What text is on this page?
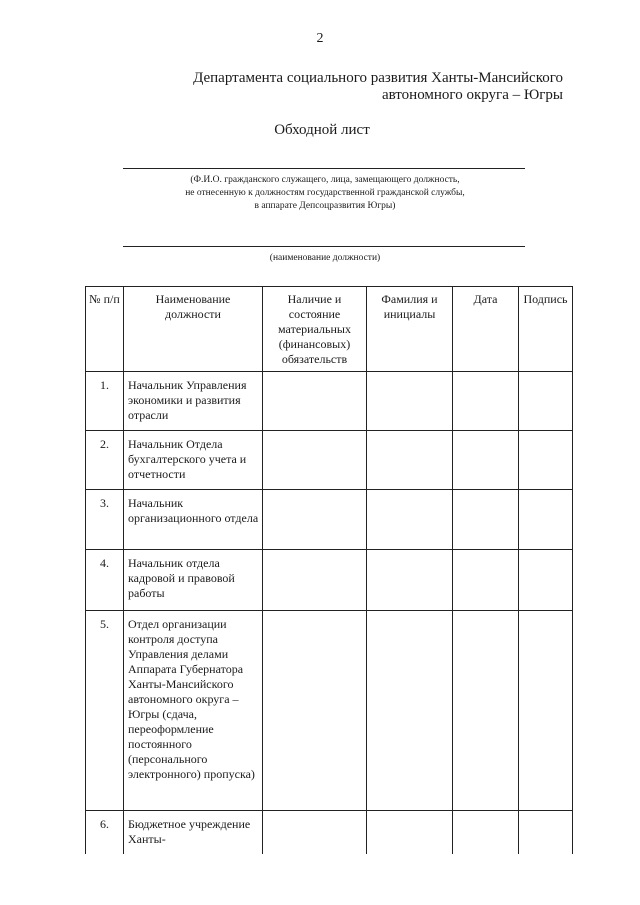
2
Департамента социального развития Ханты-Мансийского
автономного округа – Югры
Обходной лист
(Ф.И.О. гражданского служащего, лица, замещающего должность,
не отнесенную к должностям государственной гражданской службы,
в аппарате Депсоцразвития Югры)
(наименование должности)
№ п/п	Наименование должности	Наличие и состояние материальных (финансовых) обязательств	Фамилия и инициалы	Дата	Подпись
1.	Начальник Управления экономики и развития отрасли				
2.	Начальник Отдела бухгалтерского учета и отчетности				
3.	Начальник организационного отдела				
4.	Начальник отдела кадровой и правовой работы				
5.	Отдел организации контроля доступа Управления делами Аппарата Губернатора Ханты-Мансийского автономного округа – Югры (сдача, переоформление постоянного (персонального электронного) пропуска)				
6.	Бюджетное учреждение Ханты-				
